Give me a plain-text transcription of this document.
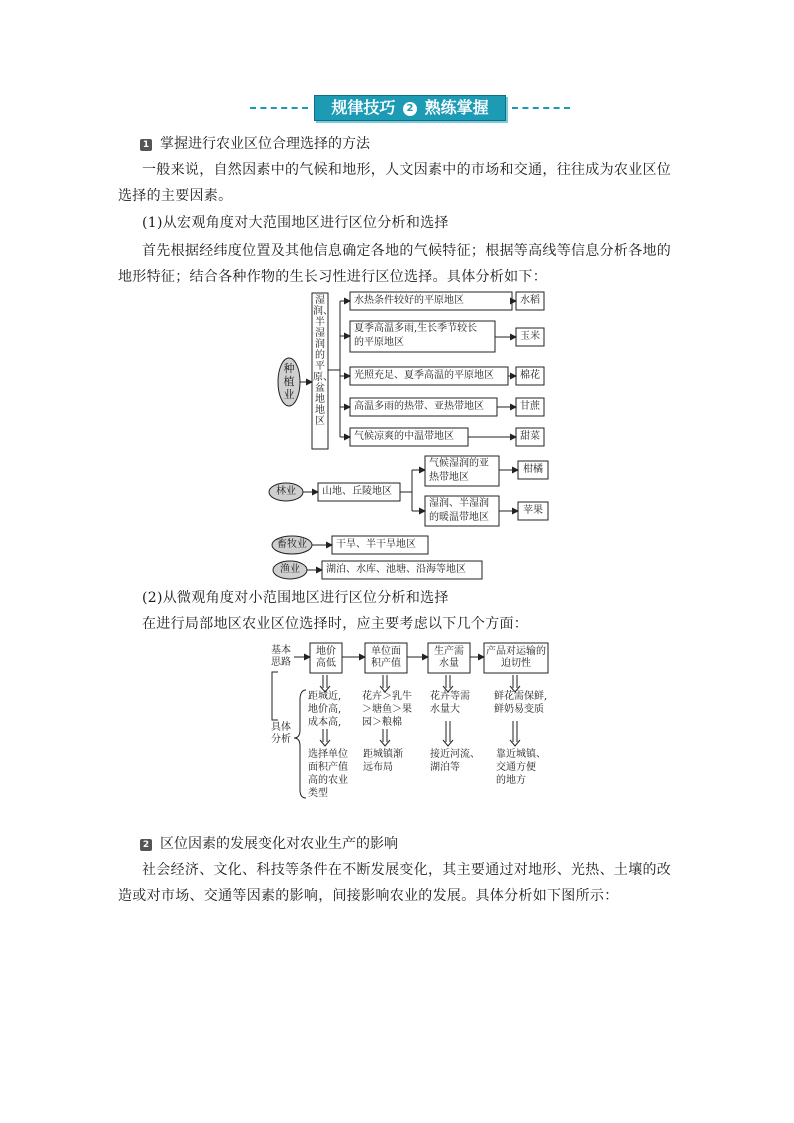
规律技巧 2 熟练掌握
1 掌握进行农业区位合理选择的方法
一般来说，自然因素中的气候和地形，人文因素中的市场和交通，往往成为农业区位选择的主要因素。
(1)从宏观角度对大范围地区进行区位分析和选择
首先根据经纬度位置及其他信息确定各地的气候特征；根据等高线等信息分析各地的地形特征；结合各种作物的生长习性进行区位选择。具体分析如下：
种植业
湿润、半湿润的平原、盆地地区
水热条件较好的平原地区
夏季高温多雨,生长季节较长
的平原地区
光照充足、夏季高温的平原地区
高温多雨的热带、亚热带地区
气候凉爽的中温带地区
水稻
玉米
棉花
甘蔗
甜菜
林业	山地、丘陵地区
气候湿润的亚
热带地区
湿润、半湿润
的暖温带地区
柑橘
苹果
畜牧业	干旱、半干旱地区
渔业	湖泊、水库、池塘、沿海等地区
(2)从微观角度对小范围地区进行区位分析和选择
在进行局部地区农业区位选择时，应主要考虑以下几个方面：
基本思路
具体分析
地价高低
单位面积产值
生产需水量
产品对运输的迫切性
距城近,
地价高,
成本高,
花卉＞乳牛
＞塘鱼＞果
园＞粮棉
花卉等需
水量大
鲜花需保鲜,
鲜奶易变质
选择单位
面积产值
高的农业
类型
距城镇渐
远布局
接近河流、
湖泊等
靠近城镇、
交通方便
的地方
2 区位因素的发展变化对农业生产的影响
社会经济、文化、科技等条件在不断发展变化，其主要通过对地形、光热、土壤的改造或对市场、交通等因素的影响，间接影响农业的发展。具体分析如下图所示：
